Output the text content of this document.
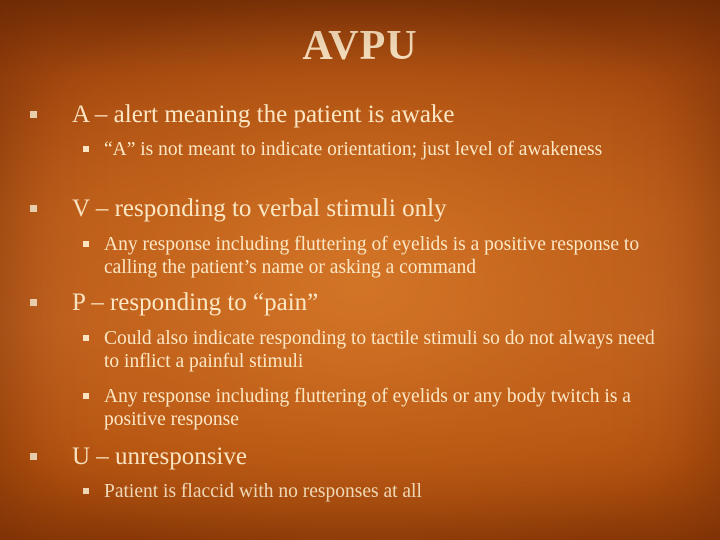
AVPU
A – alert meaning the patient is awake
“A” is not meant to indicate orientation; just level of awakeness
V – responding to verbal stimuli only
Any response including fluttering of eyelids is a positive response to calling the patient’s name or asking a command
P – responding to “pain”
Could also indicate responding to tactile stimuli so do not always need to inflict a painful stimuli
Any response including fluttering of eyelids or any body twitch is a positive response
U – unresponsive
Patient is flaccid with no responses at all
